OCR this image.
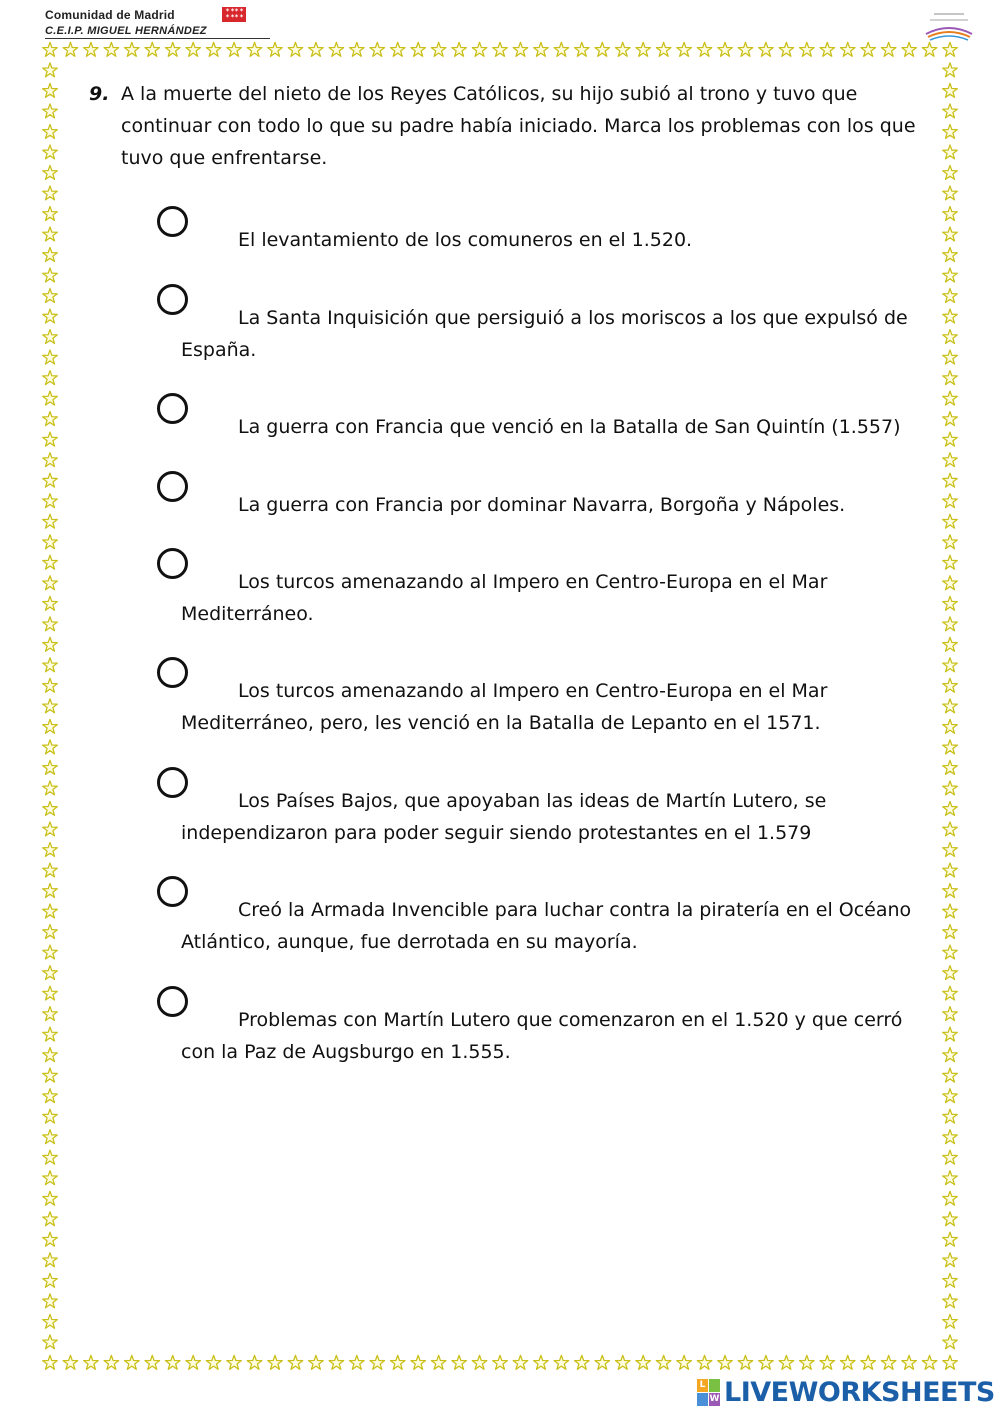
Comunidad de Madrid	✶✶
✶✶
✶✶
✶✶
C.E.I.P. MIGUEL HERNÁNDEZ
9. A la muerte del nieto de los Reyes Católicos, su hijo subió al trono y tuvo que continuar con todo lo que su padre había iniciado. Marca los problemas con los que tuvo que enfrentarse.
El levantamiento de los comuneros en el 1.520.
La Santa Inquisición que persiguió a los moriscos a los que expulsó de España.
La guerra con Francia que venció en la Batalla de San Quintín (1.557)
La guerra con Francia por dominar Navarra, Borgoña y Nápoles.
Los turcos amenazando al Impero en Centro-Europa en el Mar Mediterráneo.
Los turcos amenazando al Impero en Centro-Europa en el Mar Mediterráneo, pero, les venció en la Batalla de Lepanto en el 1571.
Los Países Bajos, que apoyaban las ideas de Martín Lutero, se independizaron para poder seguir siendo protestantes en el 1.579
Creó la Armada Invencible para luchar contra la piratería en el Océano Atlántico, aunque, fue derrotada en su mayoría.
Problemas con Martín Lutero que comenzaron en el 1.520 y que cerró con la Paz de Augsburgo en 1.555.
L
W LIVEWORKSHEETS
